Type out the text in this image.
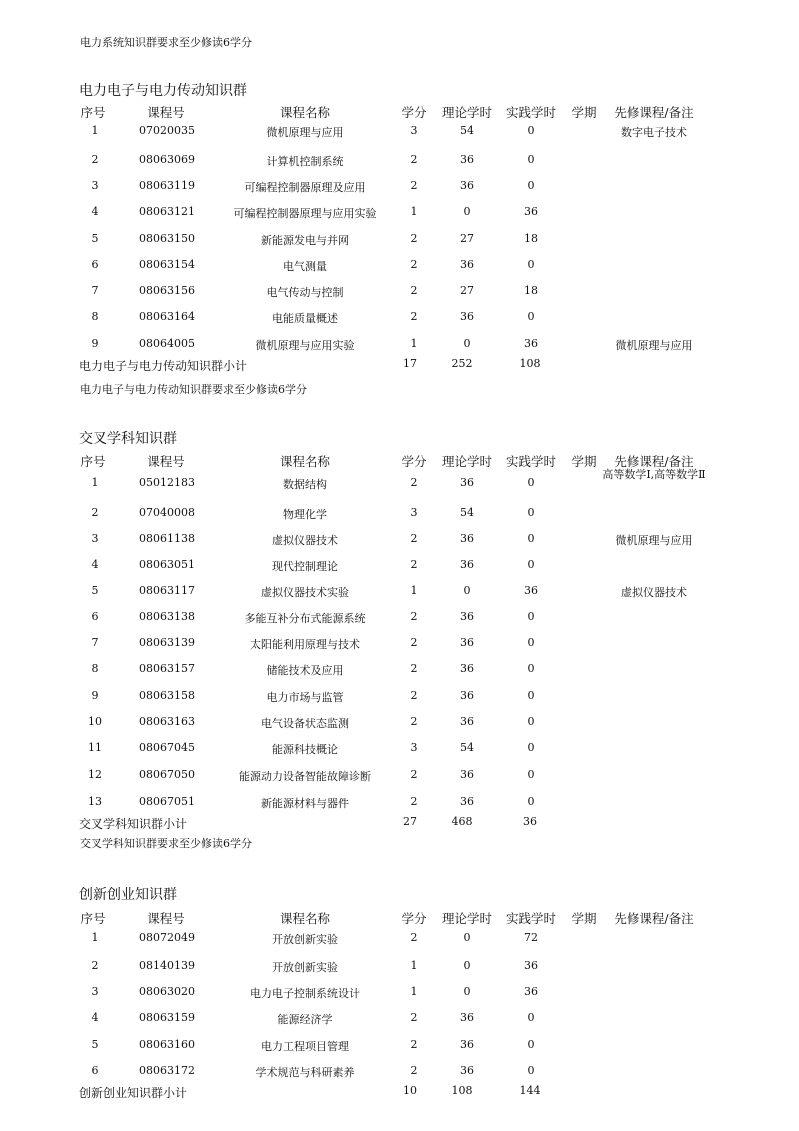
电力系统知识群要求至少修读6学分
电力电子与电力传动知识群
序号	课程号	课程名称	学分 理论学时 实践学时 学期 先修课程/备注
1	07020035	微机原理与应用	3	54	0	数字电子技术
2	08063069	计算机控制系统	2	36	0
3	08063119	可编程控制器原理及应用	2	36	0
4	08063121	可编程控制器原理与应用实验	1	0	36
5	08063150	新能源发电与并网	2	27	18
6	08063154	电气测量	2	36	0
7	08063156	电气传动与控制	2	27	18
8	08063164	电能质量概述	2	36	0
9	08064005	微机原理与应用实验	1	0	36	微机原理与应用
电力电子与电力传动知识群小计	17	252	108
电力电子与电力传动知识群要求至少修读6学分
交叉学科知识群
序号	课程号	课程名称	学分 理论学时 实践学时 学期 先修课程/备注
1	05012183	数据结构	2	36	0
高等数学Ⅰ,高等数学Ⅱ
2	07040008	物理化学	3	54	0
3	08061138	虚拟仪器技术	2	36	0	微机原理与应用
4	08063051	现代控制理论	2	36	0
5	08063117	虚拟仪器技术实验	1	0	36	虚拟仪器技术
6	08063138	多能互补分布式能源系统	2	36	0
7	08063139	太阳能利用原理与技术	2	36	0
8	08063157	储能技术及应用	2	36	0
9	08063158	电力市场与监管	2	36	0
10	08063163	电气设备状态监测	2	36	0
11	08067045	能源科技概论	3	54	0
12	08067050	能源动力设备智能故障诊断	2	36	0
13	08067051	新能源材料与器件	2	36	0
交叉学科知识群小计	27	468	36
交叉学科知识群要求至少修读6学分
创新创业知识群
序号	课程号	课程名称	学分 理论学时 实践学时 学期 先修课程/备注
1	08072049	开放创新实验	2	0	72
2	08140139	开放创新实验	1	0	36
3	08063020	电力电子控制系统设计	1	0	36
4	08063159	能源经济学	2	36	0
5	08063160	电力工程项目管理	2	36	0
6	08063172	学术规范与科研素养	2	36	0
创新创业知识群小计	10	108	144
